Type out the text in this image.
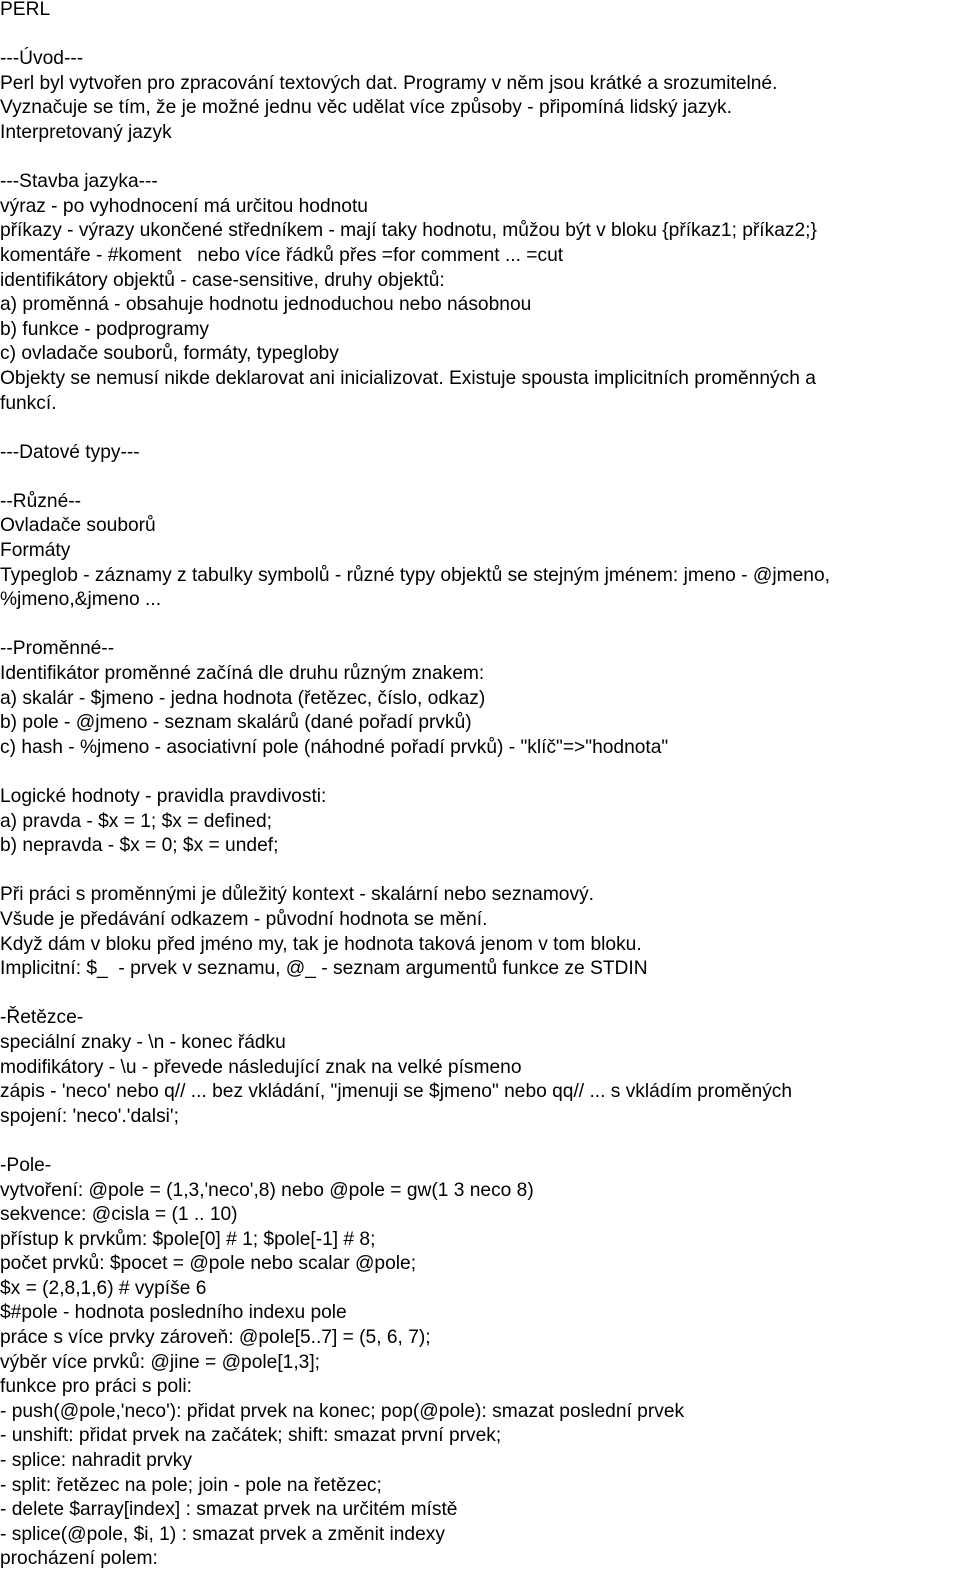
PERL
---Úvod---
Perl byl vytvořen pro zpracování textových dat. Programy v něm jsou krátké a srozumitelné.
Vyznačuje se tím, že je možné jednu věc udělat více způsoby - připomíná lidský jazyk.
Interpretovaný jazyk
---Stavba jazyka---
výraz - po vyhodnocení má určitou hodnotu
příkazy - výrazy ukončené středníkem - mají taky hodnotu, můžou být v bloku {příkaz1; příkaz2;}
komentáře - #koment   nebo více řádků přes =for comment ... =cut
identifikátory objektů - case-sensitive, druhy objektů:
a) proměnná - obsahuje hodnotu jednoduchou nebo násobnou
b) funkce - podprogramy
c) ovladače souborů, formáty, typegloby
Objekty se nemusí nikde deklarovat ani inicializovat. Existuje spousta implicitních proměnných a
funkcí.
---Datové typy---
--Různé--
Ovladače souborů
Formáty
Typeglob - záznamy z tabulky symbolů - různé typy objektů se stejným jménem: jmeno - @jmeno,
%jmeno,&jmeno ...
--Proměnné--
Identifikátor proměnné začíná dle druhu různým znakem:
a) skalár - $jmeno - jedna hodnota (řetězec, číslo, odkaz)
b) pole - @jmeno - seznam skalárů (dané pořadí prvků)
c) hash - %jmeno - asociativní pole (náhodné pořadí prvků) - "klíč"=>"hodnota"
Logické hodnoty - pravidla pravdivosti:
a) pravda - $x = 1; $x = defined;
b) nepravda - $x = 0; $x = undef;
Při práci s proměnnými je důležitý kontext - skalární nebo seznamový.
Všude je předávání odkazem - původní hodnota se mění.
Když dám v bloku před jméno my, tak je hodnota taková jenom v tom bloku.
Implicitní: $_  - prvek v seznamu, @_ - seznam argumentů funkce ze STDIN
-Řetězce-
speciální znaky - \n - konec řádku
modifikátory - \u - převede následující znak na velké písmeno
zápis - 'neco' nebo q// ... bez vkládání, "jmenuji se $jmeno" nebo qq// ... s vkládím proměných
spojení: 'neco'.'dalsi';
-Pole-
vytvoření: @pole = (1,3,'neco',8) nebo @pole = gw(1 3 neco 8)
sekvence: @cisla = (1 .. 10)
přístup k prvkům: $pole[0] # 1; $pole[-1] # 8;
počet prvků: $pocet = @pole nebo scalar @pole;
$x = (2,8,1,6) # vypíše 6
$#pole - hodnota posledního indexu pole
práce s více prvky zároveň: @pole[5..7] = (5, 6, 7);
výběr více prvků: @jine = @pole[1,3];
funkce pro práci s poli:
- push(@pole,'neco'): přidat prvek na konec; pop(@pole): smazat poslední prvek
- unshift: přidat prvek na začátek; shift: smazat první prvek;
- splice: nahradit prvky
- split: řetězec na pole; join - pole na řetězec;
- delete $array[index] : smazat prvek na určitém místě
- splice(@pole, $i, 1) : smazat prvek a změnit indexy
procházení polem:
